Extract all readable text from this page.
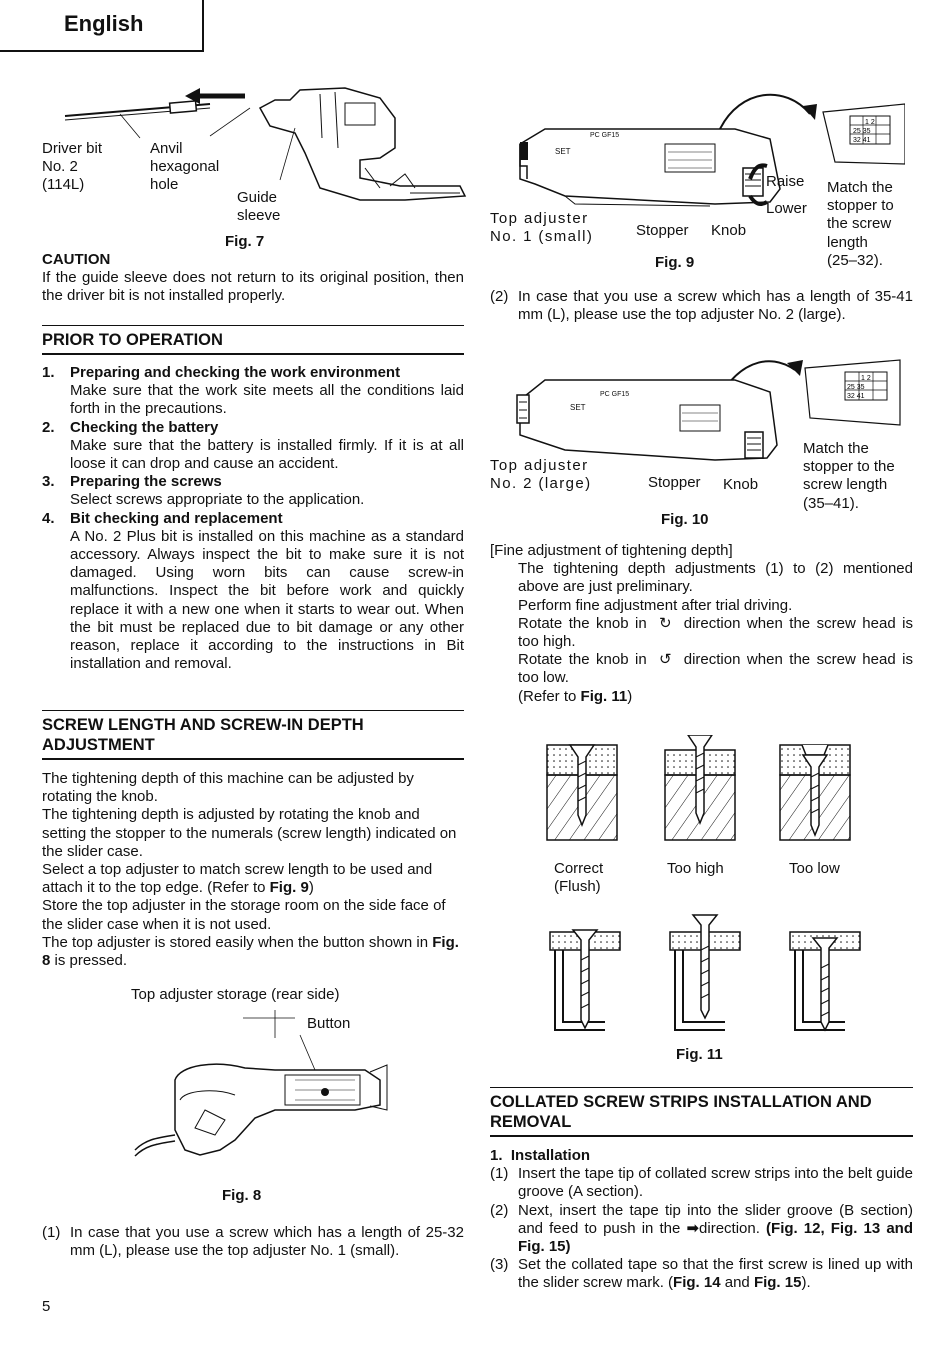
English
Driver bit
No. 2
(114L)
Anvil
hexagonal
hole
Guide
sleeve
Fig. 7
CAUTION
If the guide sleeve does not return to its original position, then the driver bit is not installed properly.
PRIOR TO OPERATION
1. Preparing and checking the work environment
Make sure that the work site meets all the conditions laid forth in the precautions.
2. Checking the battery
Make sure that the battery is installed firmly. If it is at all loose it can drop and cause an accident.
3. Preparing the screws
Select screws appropriate to the application.
4. Bit checking and replacement
A No. 2 Plus bit is installed on this machine as a standard accessory. Always inspect the bit to make sure it is not damaged. Using worn bits can cause screw-in malfunctions. Inspect the bit before work and quickly replace it with a new one when it starts to wear out. When the bit must be replaced due to bit damage or any other reason, replace it according to the instructions in Bit installation and removal.
SCREW LENGTH AND SCREW-IN DEPTH ADJUSTMENT
The tightening depth of this machine can be adjusted by rotating the knob.
The tightening depth is adjusted by rotating the knob and setting the stopper to the numerals (screw length) indicated on the slider case.
Select a top adjuster to match screw length to be used and attach it to the top edge. (Refer to Fig. 9)
Store the top adjuster in the storage room on the side face of the slider case when it is not used.
The top adjuster is stored easily when the button shown in Fig. 8 is pressed.
Top adjuster storage (rear side)
Button
Fig. 8
(1) In case that you use a screw which has a length of 25-32 mm (L), please use the top adjuster No. 1 (small).
5
SET
PC GF15
1 2
25 35
32 41
Top adjuster
No. 1 (small)	Stopper Knob
Raise
Lower
Match the
stopper to
the screw
length
(25–32).
Fig. 9
(2) In case that you use a screw which has a length of 35-41 mm (L), please use the top adjuster No. 2 (large).
SET
PC GF15
1 2
25 35
32 41
Top adjuster
No. 2 (large)	Stopper Knob
Match the
stopper to the
screw length
(35–41).
Fig. 10
[Fine adjustment of tightening depth]
The tightening depth adjustments (1) to (2) mentioned above are just preliminary.
Perform fine adjustment after trial driving.
Rotate the knob in ↻ direction when the screw head is too high.
Rotate the knob in ↺ direction when the screw head is too low.
(Refer to Fig. 11)
Correct
(Flush)
Too high	Too low
Fig. 11
COLLATED SCREW STRIPS INSTALLATION AND REMOVAL
1.  Installation
(1) Insert the tape tip of collated screw strips into the belt guide groove (A section).
(2) Next, insert the tape tip into the slider groove (B section) and feed to push in the ➡direction. (Fig. 12, Fig. 13 and Fig. 15)
(3) Set the collated tape so that the first screw is lined up with the slider screw mark. (Fig. 14 and Fig. 15).
